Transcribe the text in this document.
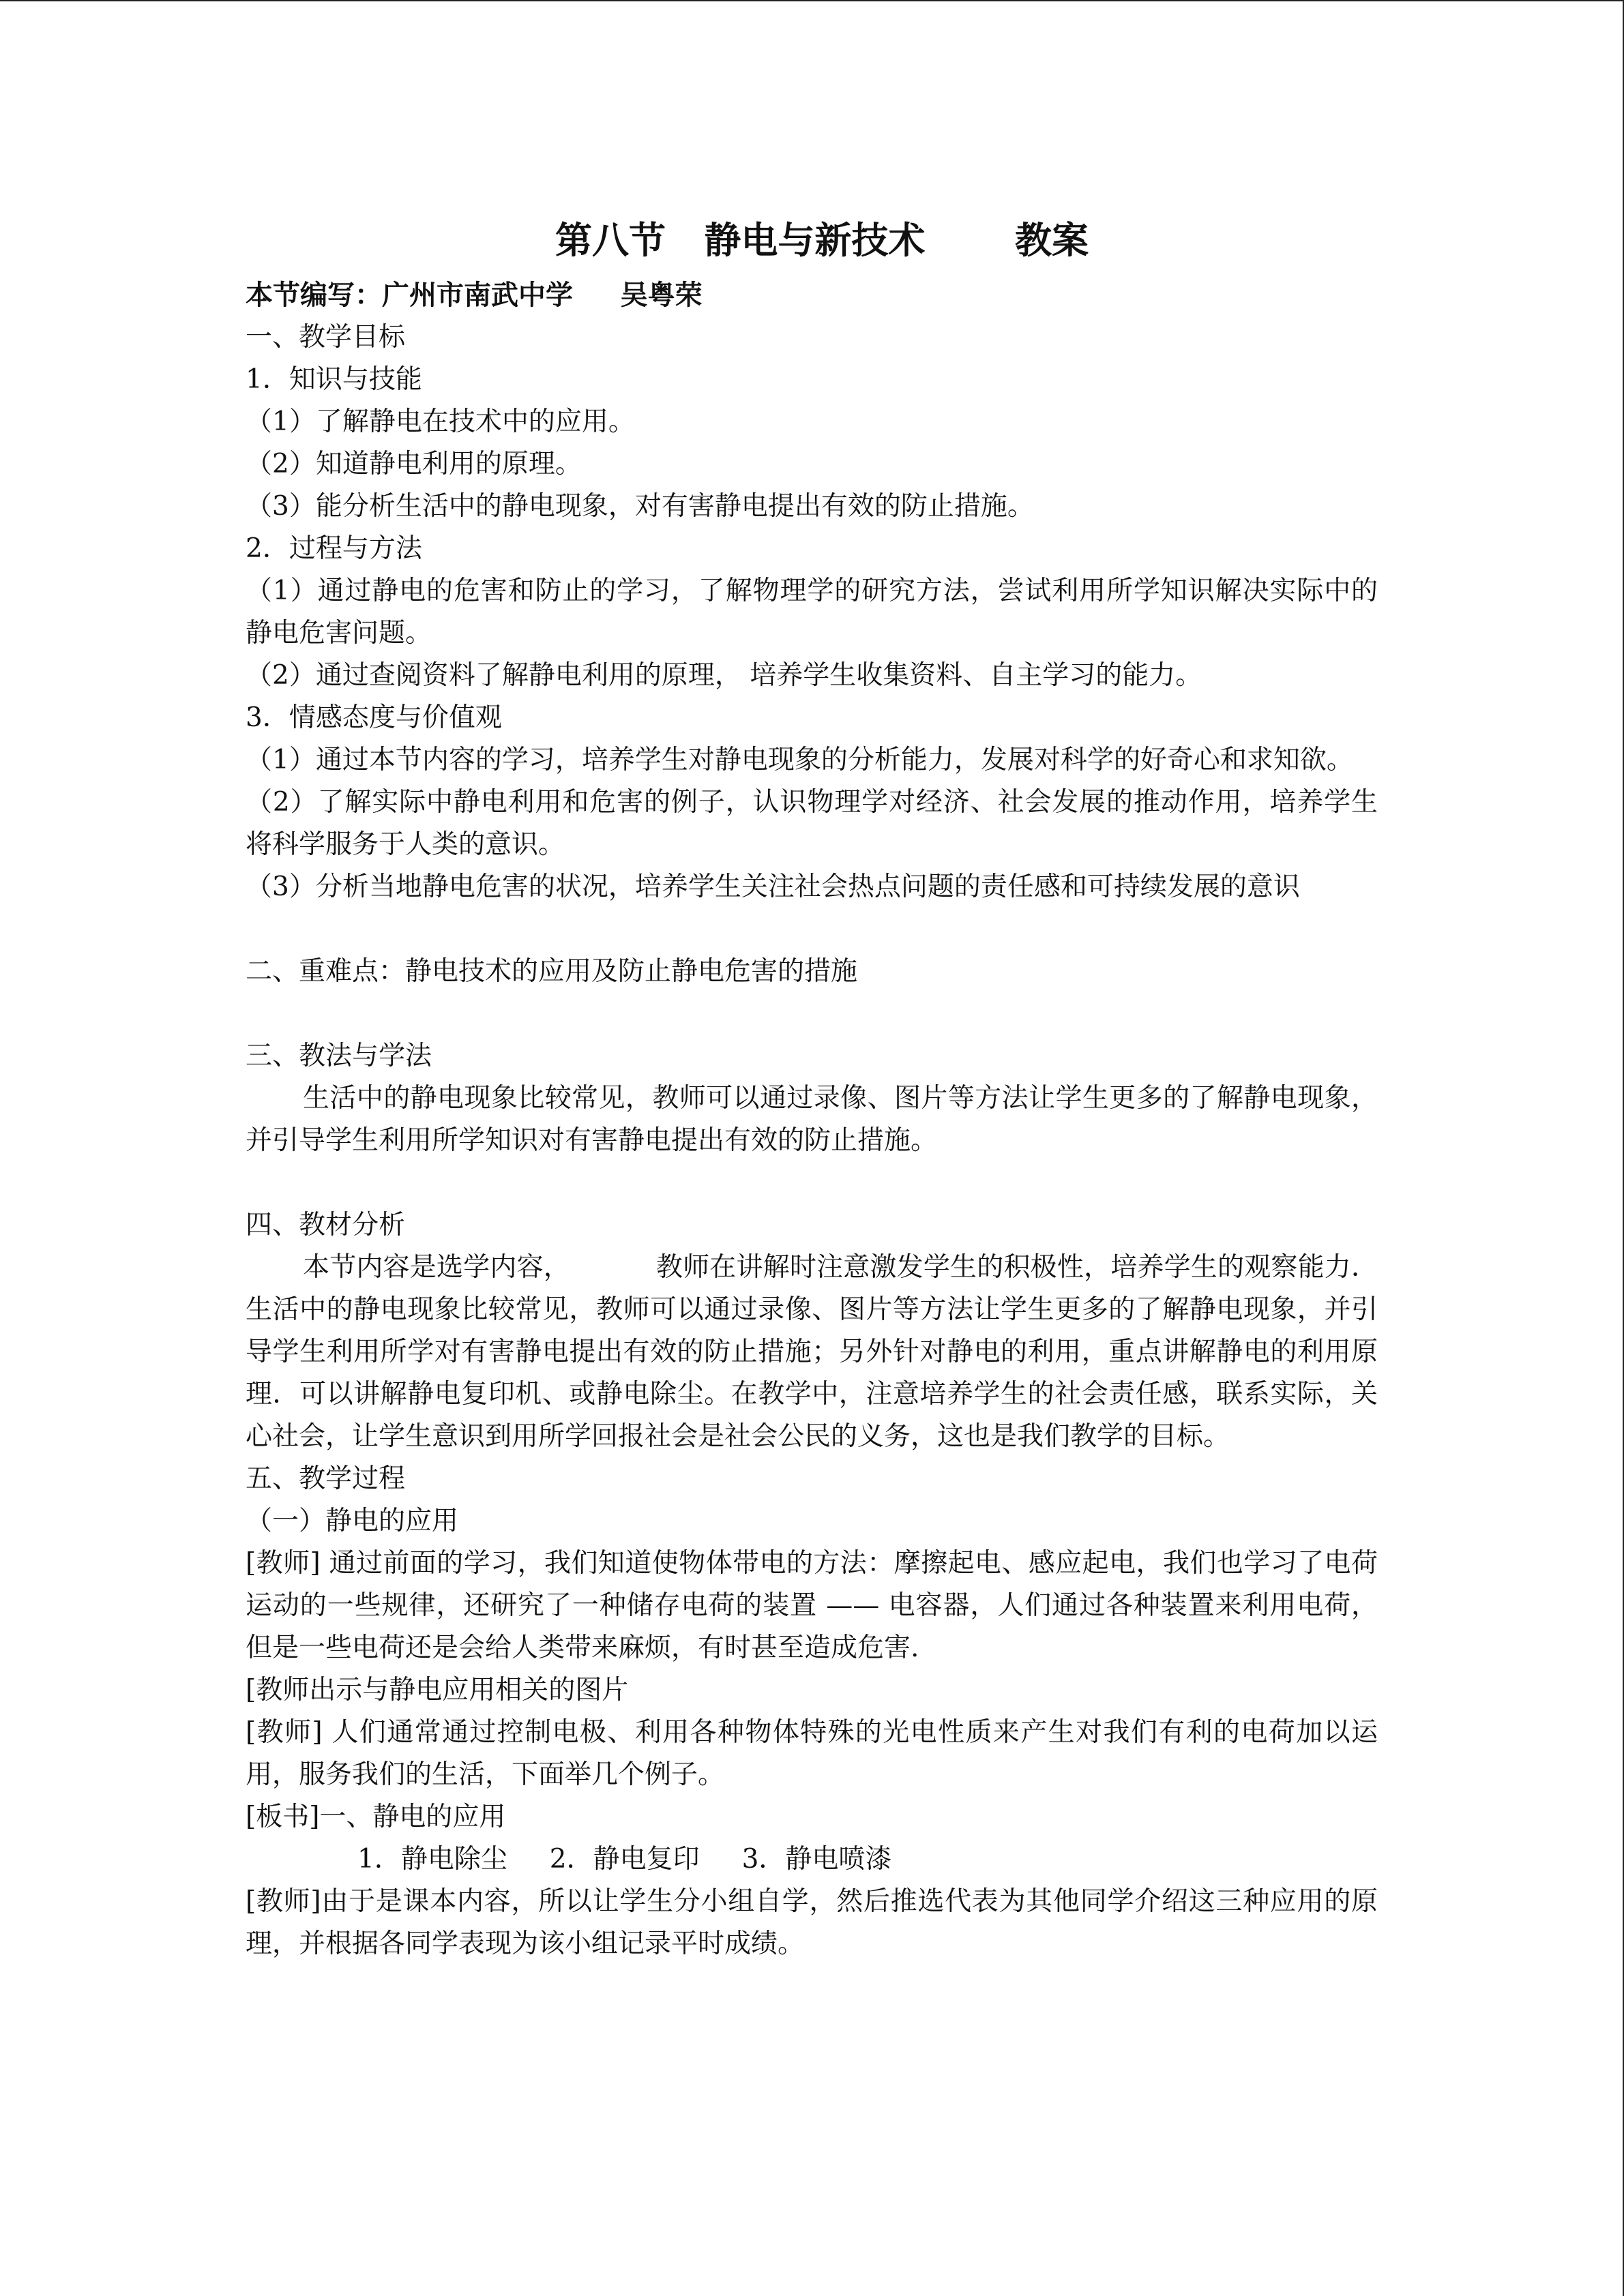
第八节   静电与新技术       教案
本节编写：广州市南武中学     吴粤荣

一、教学目标

1．知识与技能

（1）了解静电在技术中的应用。

（2）知道静电利用的原理。

（3）能分析生活中的静电现象，对有害静电提出有效的防止措施。

2．过程与方法

（1）通过静电的危害和防止的学习，了解物理学的研究方法，尝试利用所学知识解决实际中的静电危害问题。

（2）通过查阅资料了解静电利用的原理， 培养学生收集资料、自主学习的能力。

3．情感态度与价值观

（1）通过本节内容的学习，培养学生对静电现象的分析能力，发展对科学的好奇心和求知欲。

（2）了解实际中静电利用和危害的例子，认识物理学对经济、社会发展的推动作用，培养学生将科学服务于人类的意识。

（3）分析当地静电危害的状况，培养学生关注社会热点问题的责任感和可持续发展的意识

二、重难点：静电技术的应用及防止静电危害的措施

三、教法与学法

生活中的静电现象比较常见，教师可以通过录像、图片等方法让学生更多的了解静电现象，并引导学生利用所学知识对有害静电提出有效的防止措施。

四、教材分析

本节内容是选学内容，          教师在讲解时注意激发学生的积极性，培养学生的观察能力．生活中的静电现象比较常见，教师可以通过录像、图片等方法让学生更多的了解静电现象，并引导学生利用所学对有害静电提出有效的防止措施；另外针对静电的利用，重点讲解静电的利用原理．可以讲解静电复印机、或静电除尘。在教学中，注意培养学生的社会责任感，联系实际，关心社会，让学生意识到用所学回报社会是社会公民的义务，这也是我们教学的目标。

五、教学过程

（一）静电的应用

[教师] 通过前面的学习，我们知道使物体带电的方法：摩擦起电、感应起电，我们也学习了电荷运动的一些规律，还研究了一种储存电荷的装置 —— 电容器，人们通过各种装置来利用电荷，但是一些电荷还是会给人类带来麻烦，有时甚至造成危害.

[教师出示与静电应用相关的图片

[教师] 人们通常通过控制电极、利用各种物体特殊的光电性质来产生对我们有利的电荷加以运用，服务我们的生活，下面举几个例子。

[板书]一、静电的应用

1．静电除尘     2．静电复印     3．静电喷漆

[教师]由于是课本内容，所以让学生分小组自学，然后推选代表为其他同学介绍这三种应用的原理，并根据各同学表现为该小组记录平时成绩。
